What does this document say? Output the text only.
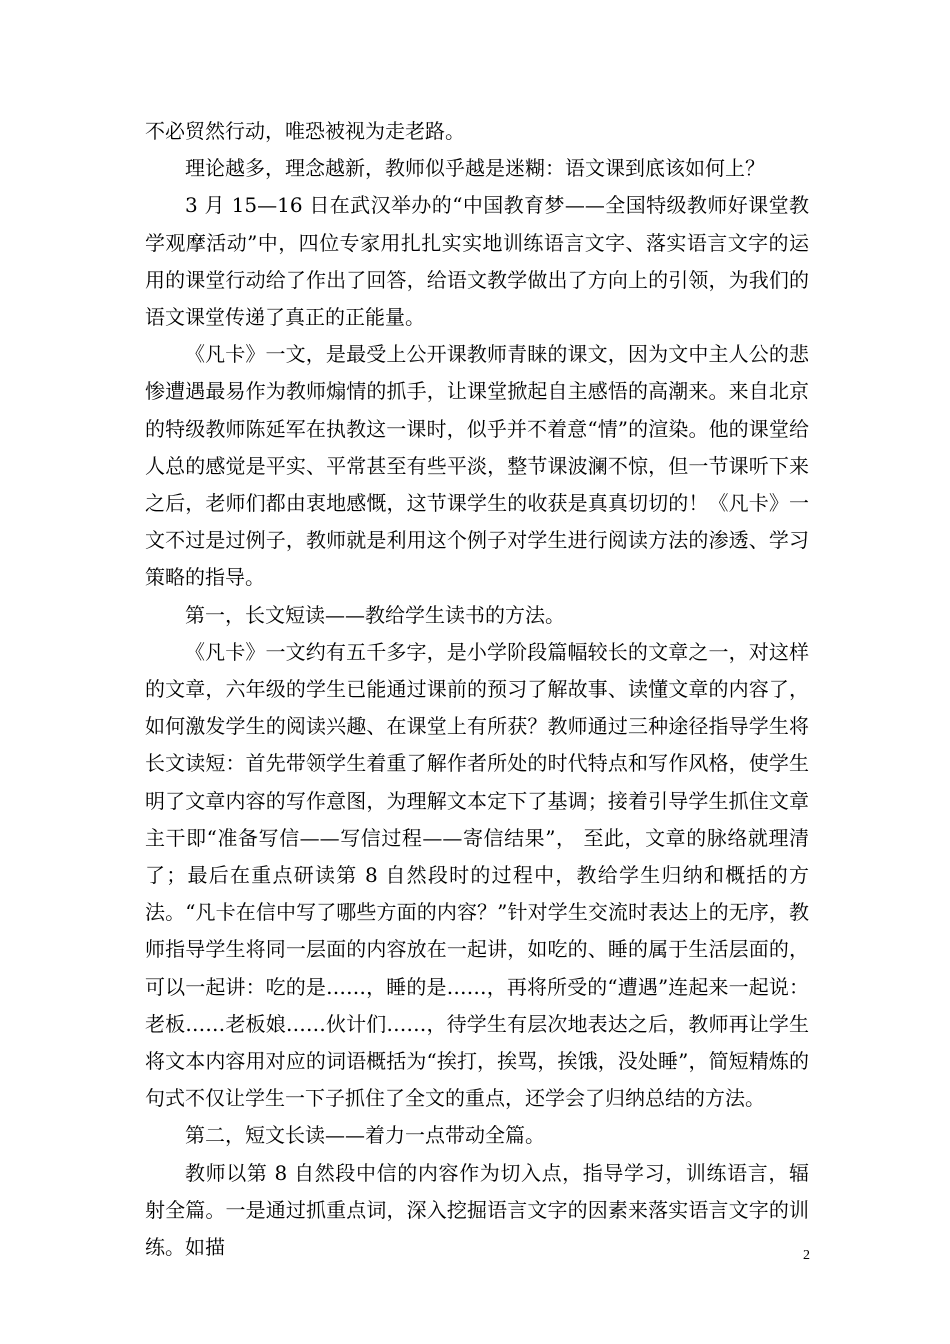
不必贸然行动，唯恐被视为走老路。

理论越多，理念越新，教师似乎越是迷糊：语文课到底该如何上？

3 月 15—16 日在武汉举办的“中国教育梦——全国特级教师好课堂教学观摩活动”中，四位专家用扎扎实实地训练语言文字、落实语言文字的运用的课堂行动给了作出了回答，给语文教学做出了方向上的引领，为我们的语文课堂传递了真正的正能量。

《凡卡》一文，是最受上公开课教师青睐的课文，因为文中主人公的悲惨遭遇最易作为教师煽情的抓手，让课堂掀起自主感悟的高潮来。来自北京的特级教师陈延军在执教这一课时，似乎并不着意“情”的渲染。他的课堂给人总的感觉是平实、平常甚至有些平淡，整节课波澜不惊，但一节课听下来之后，老师们都由衷地感慨，这节课学生的收获是真真切切的！《凡卡》一文不过是过例子，教师就是利用这个例子对学生进行阅读方法的渗透、学习策略的指导。

第一，长文短读——教给学生读书的方法。

《凡卡》一文约有五千多字，是小学阶段篇幅较长的文章之一，对这样的文章，六年级的学生已能通过课前的预习了解故事、读懂文章的内容了，如何激发学生的阅读兴趣、在课堂上有所获？教师通过三种途径指导学生将长文读短：首先带领学生着重了解作者所处的时代特点和写作风格，使学生明了文章内容的写作意图，为理解文本定下了基调；接着引导学生抓住文章主干即“准备写信——写信过程——寄信结果”， 至此，文章的脉络就理清了；最后在重点研读第 8 自然段时的过程中，教给学生归纳和概括的方法。“凡卡在信中写了哪些方面的内容？”针对学生交流时表达上的无序，教师指导学生将同一层面的内容放在一起讲，如吃的、睡的属于生活层面的，可以一起讲：吃的是……，睡的是……，再将所受的“遭遇”连起来一起说：老板……老板娘……伙计们……，待学生有层次地表达之后，教师再让学生将文本内容用对应的词语概括为“挨打，挨骂，挨饿，没处睡”，简短精炼的句式不仅让学生一下子抓住了全文的重点，还学会了归纳总结的方法。

第二，短文长读——着力一点带动全篇。

教师以第 8 自然段中信的内容作为切入点，指导学习，训练语言，辐射全篇。一是通过抓重点词，深入挖掘语言文字的因素来落实语言文字的训练。如描	2
